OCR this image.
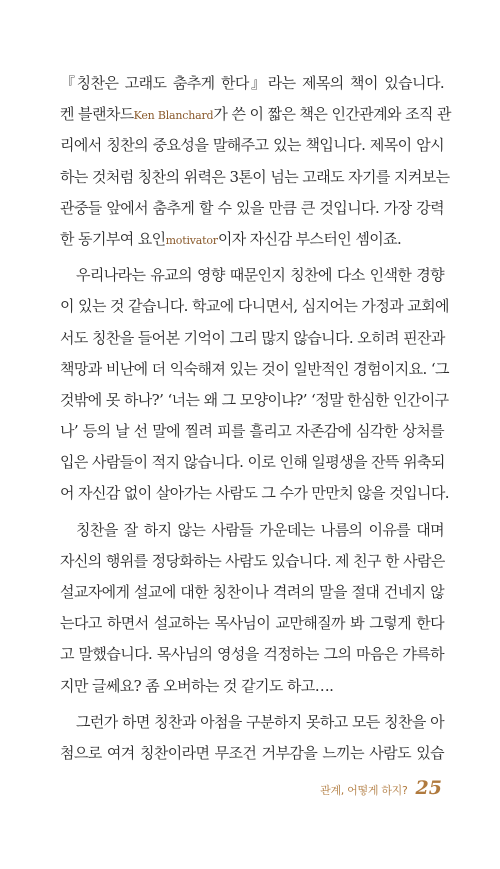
『칭찬은 고래도 춤추게 한다』라는 제목의 책이 있습니다.
켄 블랜차드Ken Blanchard가 쓴 이 짧은 책은 인간관계와 조직 관
리에서 칭찬의 중요성을 말해주고 있는 책입니다. 제목이 암시
하는 것처럼 칭찬의 위력은 3톤이 넘는 고래도 자기를 지켜보는
관중들 앞에서 춤추게 할 수 있을 만큼 큰 것입니다. 가장 강력
한 동기부여 요인motivator이자 자신감 부스터인 셈이죠.

우리나라는 유교의 영향 때문인지 칭찬에 다소 인색한 경향
이 있는 것 같습니다. 학교에 다니면서, 심지어는 가정과 교회에
서도 칭찬을 들어본 기억이 그리 많지 않습니다. 오히려 핀잔과
책망과 비난에 더 익숙해져 있는 것이 일반적인 경험이지요. ‘그
것밖에 못 하나?’ ‘너는 왜 그 모양이냐?’ ‘정말 한심한 인간이구
나’ 등의 날 선 말에 찔려 피를 흘리고 자존감에 심각한 상처를
입은 사람들이 적지 않습니다. 이로 인해 일평생을 잔뜩 위축되
어 자신감 없이 살아가는 사람도 그 수가 만만치 않을 것입니다.

칭찬을 잘 하지 않는 사람들 가운데는 나름의 이유를 대며
자신의 행위를 정당화하는 사람도 있습니다. 제 친구 한 사람은
설교자에게 설교에 대한 칭찬이나 격려의 말을 절대 건네지 않
는다고 하면서 설교하는 목사님이 교만해질까 봐 그렇게 한다
고 말했습니다. 목사님의 영성을 걱정하는 그의 마음은 갸륵하
지만 글쎄요? 좀 오버하는 것 같기도 하고….

그런가 하면 칭찬과 아첨을 구분하지 못하고 모든 칭찬을 아
첨으로 여겨 칭찬이라면 무조건 거부감을 느끼는 사람도 있습

관계, 어떻게 하지? 25
